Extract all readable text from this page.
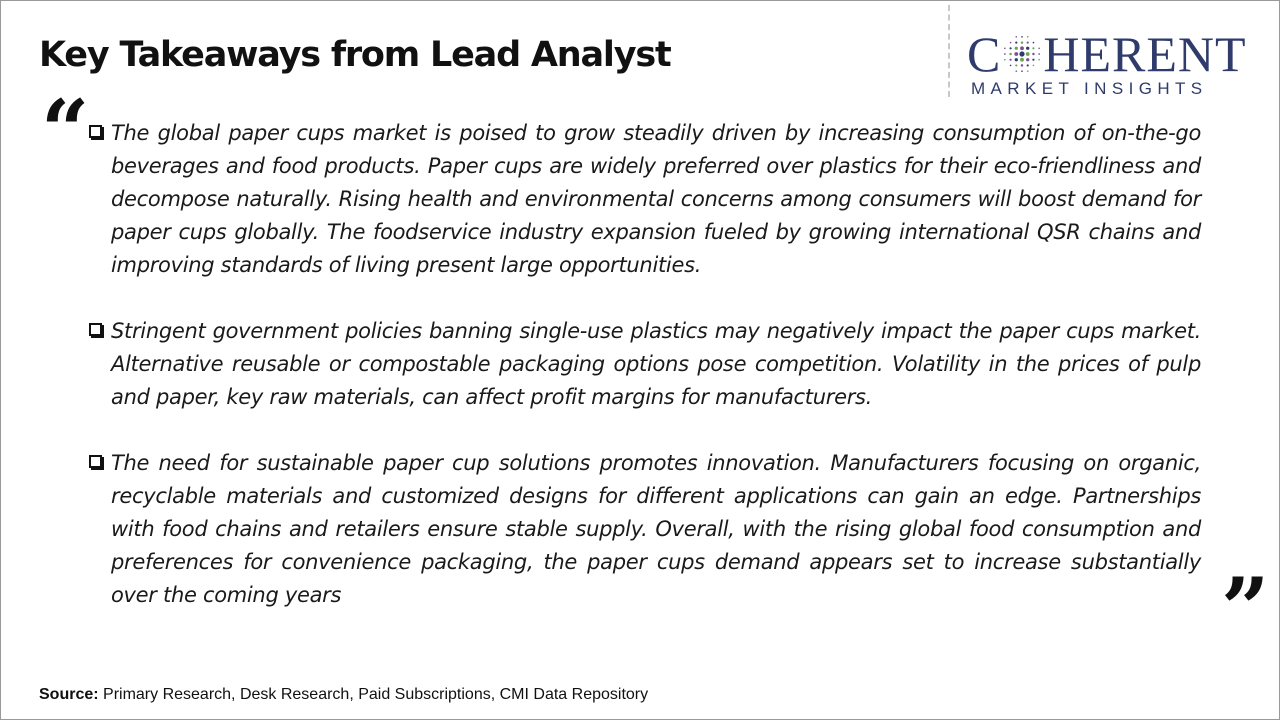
Key Takeaways from Lead Analyst	C HERENT
MARKET INSIGHTS
“ The global paper cups market is poised to grow steadily driven by increasing consumption of on-the-go beverages and food products. Paper cups are widely preferred over plastics for their eco-friendliness and decompose naturally. Rising health and environmental concerns among consumers will boost demand for paper cups globally. The foodservice industry expansion fueled by growing international QSR chains and improving standards of living present large opportunities.

Stringent government policies banning single-use plastics may negatively impact the paper cups market. Alternative reusable or compostable packaging options pose competition. Volatility in the prices of pulp and paper, key raw materials, can affect profit margins for manufacturers.

The need for sustainable paper cup solutions promotes innovation. Manufacturers focusing on organic, recyclable materials and customized designs for different applications can gain an edge. Partnerships with food chains and retailers ensure stable supply. Overall, with the rising global food consumption and preferences for convenience packaging, the paper cups demand appears set to increase substantially over the coming years	”
Source: Primary Research, Desk Research, Paid Subscriptions, CMI Data Repository
